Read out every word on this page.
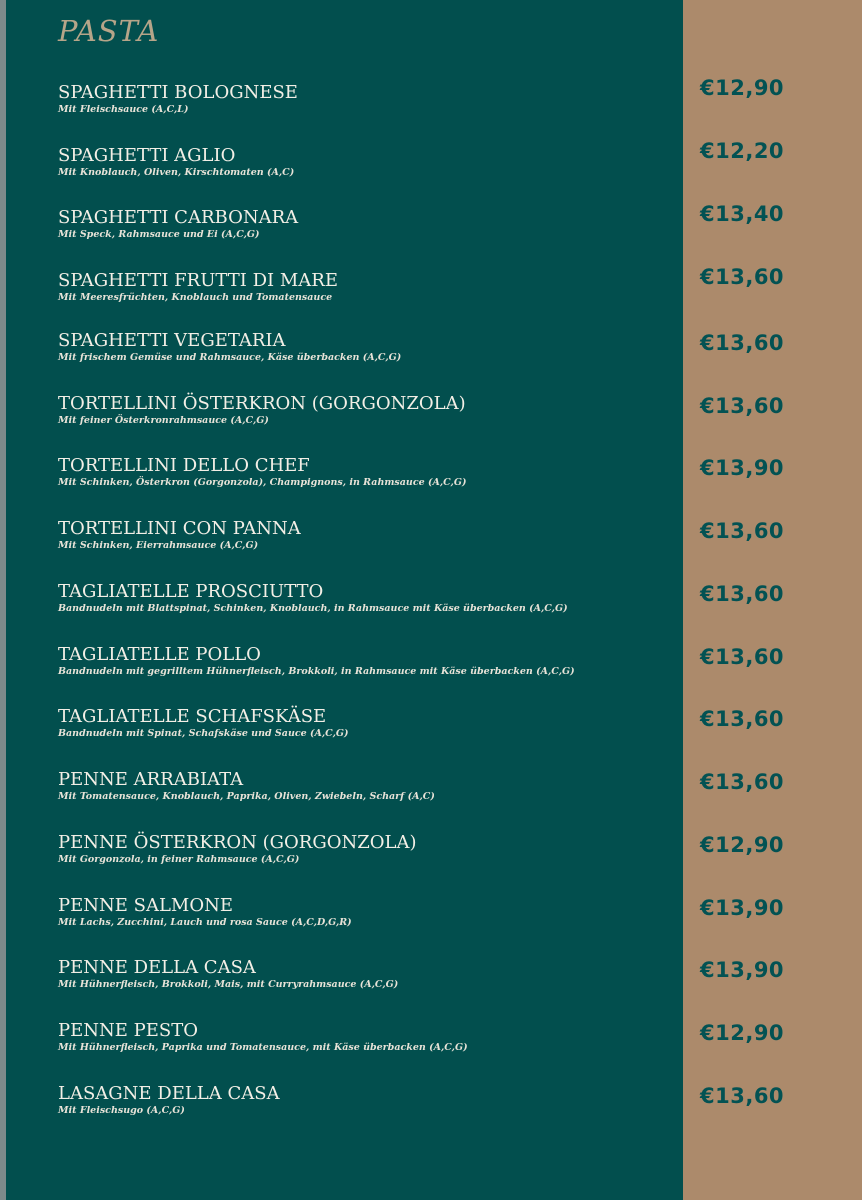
PASTA
SPAGHETTI BOLOGNESE
Mit Fleischsauce (A,C,L)
€12,90
SPAGHETTI AGLIO
Mit Knoblauch, Oliven, Kirschtomaten (A,C)
€12,20
SPAGHETTI CARBONARA
Mit Speck, Rahmsauce und Ei (A,C,G)
€13,40
SPAGHETTI FRUTTI DI MARE
Mit Meeresfrüchten, Knoblauch und Tomatensauce
€13,60
SPAGHETTI VEGETARIA
Mit frischem Gemüse und Rahmsauce, Käse überbacken (A,C,G)
€13,60
TORTELLINI ÖSTERKRON (GORGONZOLA)
Mit feiner Österkronrahmsauce (A,C,G)
€13,60
TORTELLINI DELLO CHEF
Mit Schinken, Österkron (Gorgonzola), Champignons, in Rahmsauce (A,C,G)
€13,90
TORTELLINI CON PANNA
Mit Schinken, Eierrahmsauce (A,C,G)
€13,60
TAGLIATELLE PROSCIUTTO
Bandnudeln mit Blattspinat, Schinken, Knoblauch, in Rahmsauce mit Käse überbacken (A,C,G)
€13,60
TAGLIATELLE POLLO
Bandnudeln mit gegrilltem Hühnerfleisch, Brokkoli, in Rahmsauce mit Käse überbacken (A,C,G)
€13,60
TAGLIATELLE SCHAFSKÄSE
Bandnudeln mit Spinat, Schafskäse und Sauce (A,C,G)
€13,60
PENNE ARRABIATA
Mit Tomatensauce, Knoblauch, Paprika, Oliven, Zwiebeln, Scharf (A,C)
€13,60
PENNE ÖSTERKRON (GORGONZOLA)
Mit Gorgonzola, in feiner Rahmsauce (A,C,G)
€12,90
PENNE SALMONE
Mit Lachs, Zucchini, Lauch und rosa Sauce (A,C,D,G,R)
€13,90
PENNE DELLA CASA
Mit Hühnerfleisch, Brokkoli, Mais, mit Curryrahmsauce (A,C,G)
€13,90
PENNE PESTO
Mit Hühnerfleisch, Paprika und Tomatensauce, mit Käse überbacken (A,C,G)
€12,90
LASAGNE DELLA CASA
Mit Fleischsugo (A,C,G)
€13,60
